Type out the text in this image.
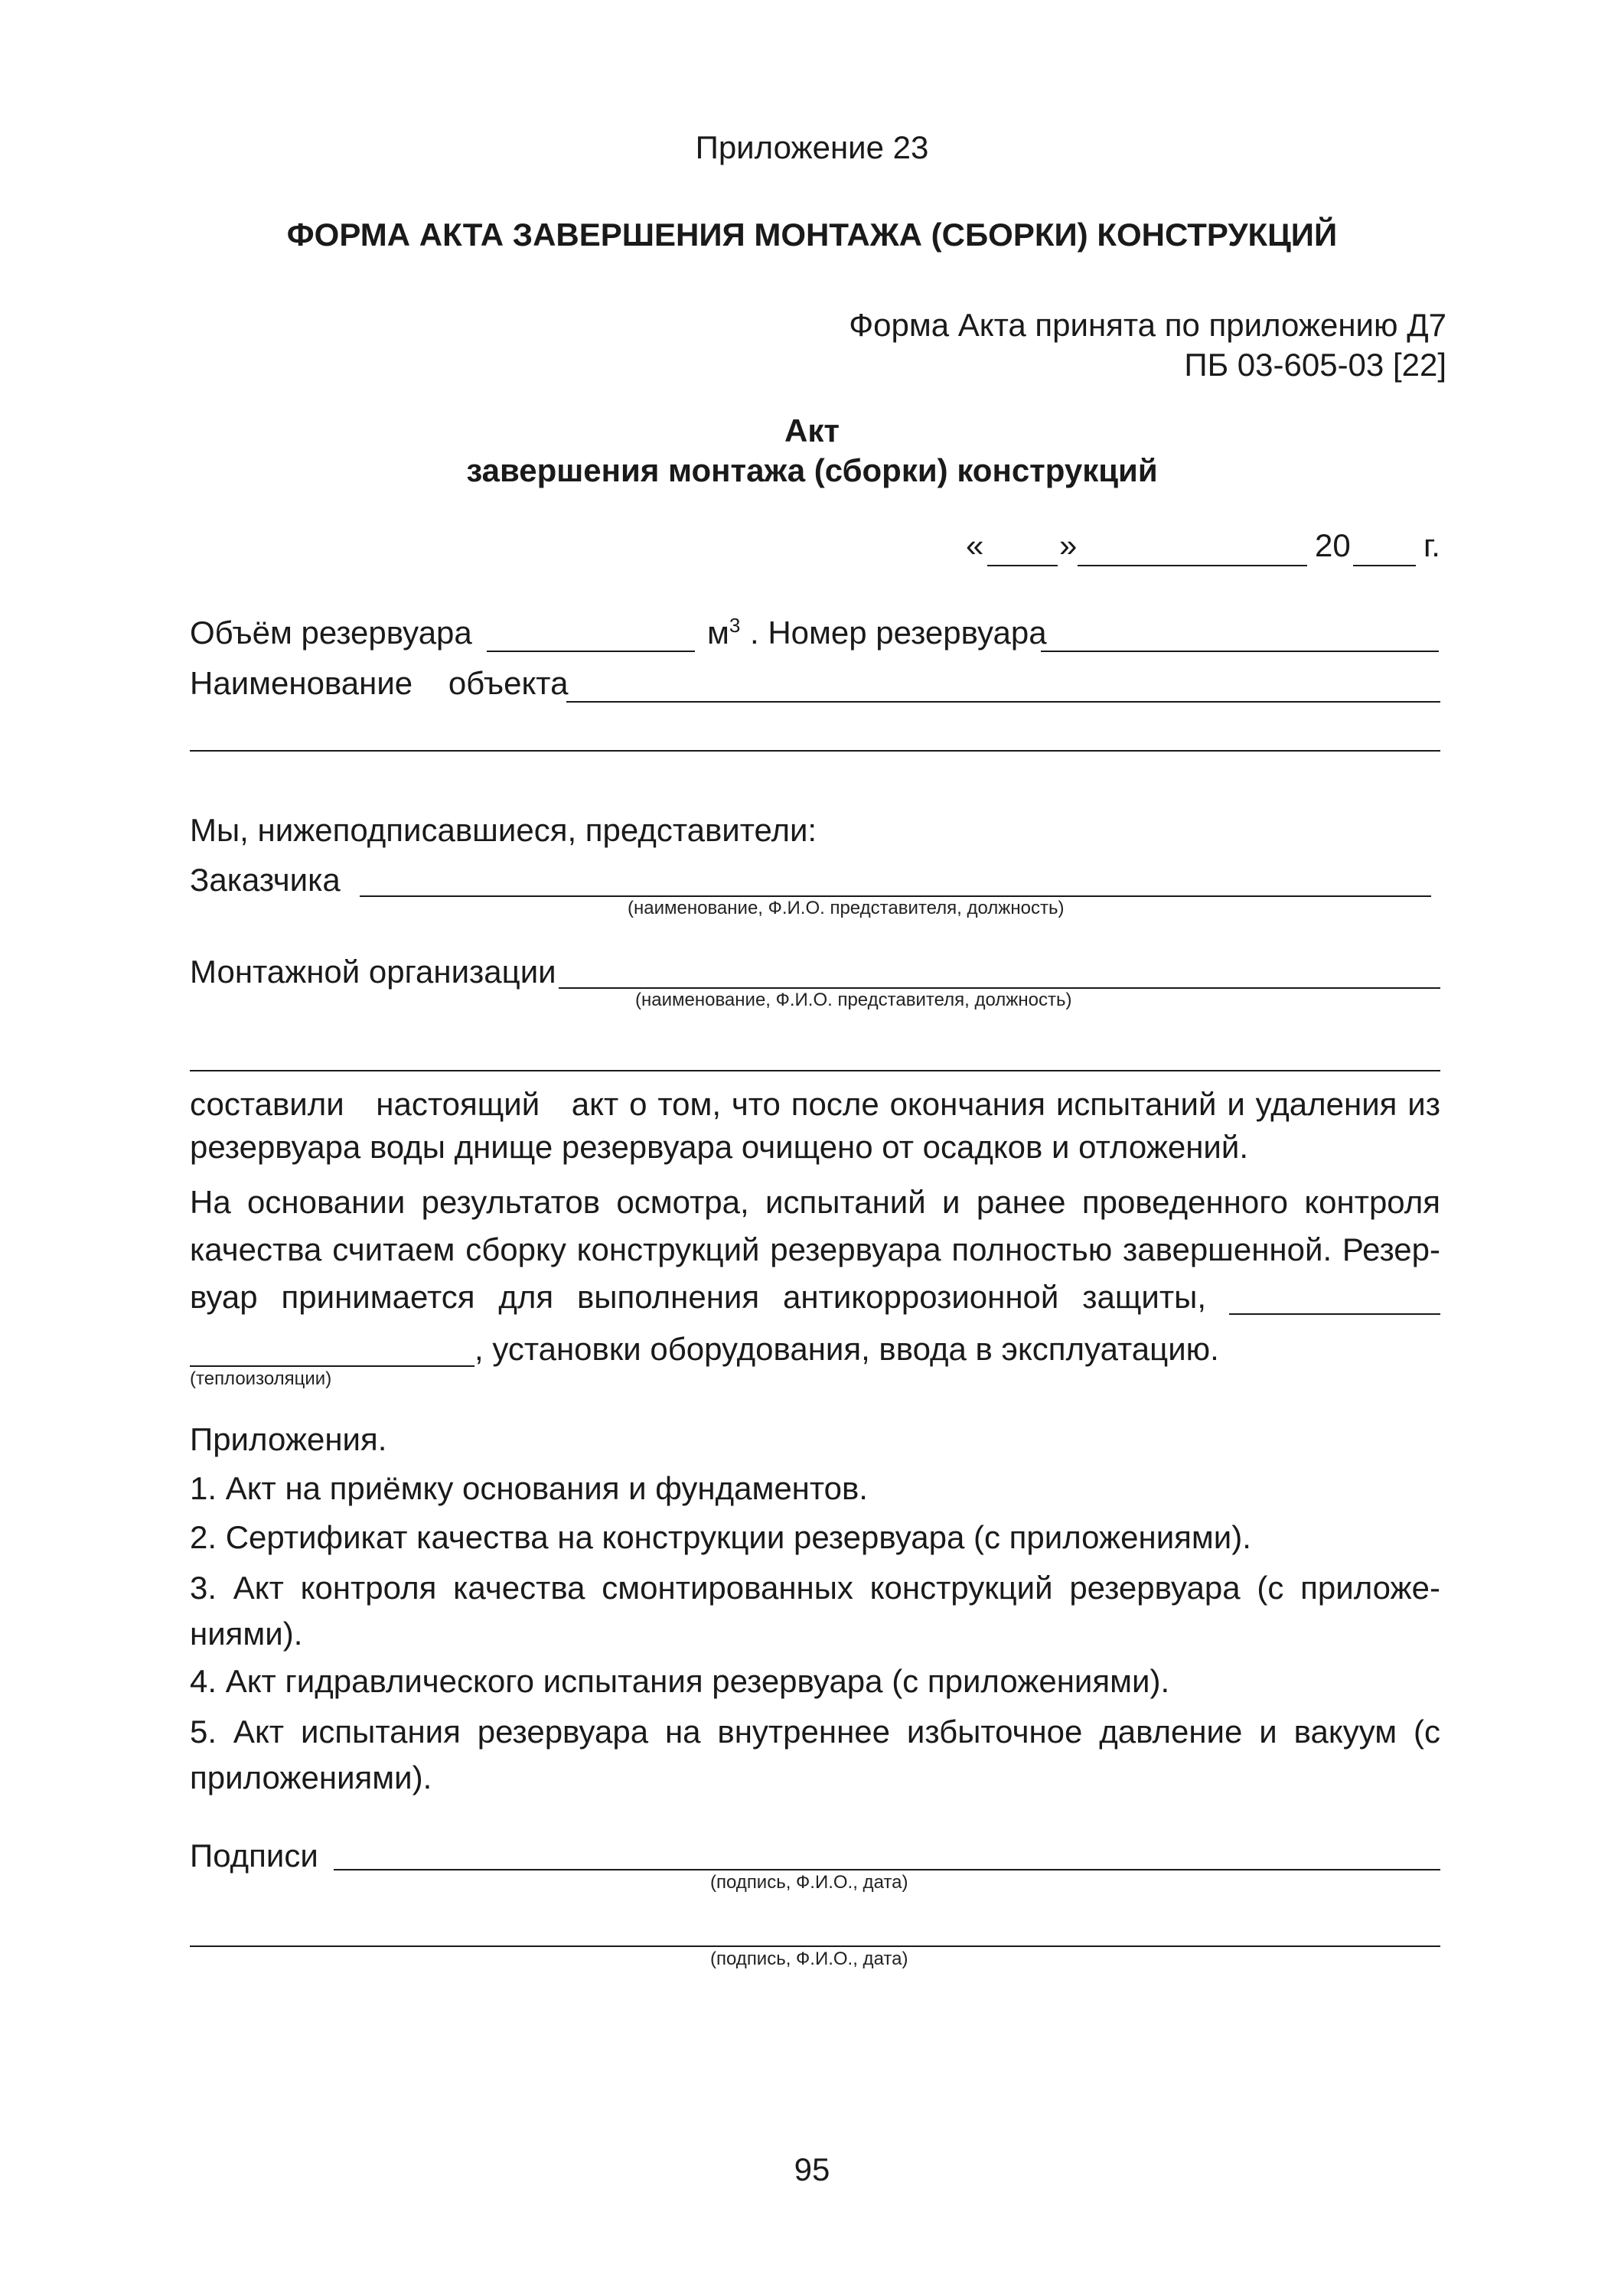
Приложение 23
ФОРМА АКТА ЗАВЕРШЕНИЯ МОНТАЖА (СБОРКИ) КОНСТРУКЦИЙ
Форма Акта принята по приложению Д7
ПБ 03-605-03 [22]
Акт
завершения монтажа (сборки) конструкций
« »	20 г.
Объём резервуара	$м^3$ . Номер резервуара
Наименование    объекта
Мы, нижеподписавшиеся, представители:
Заказчика
(наименование, Ф.И.О. представителя, должность)
Монтажной организации
(наименование, Ф.И.О. представителя, должность)
составили   настоящий   акт о том, что после окончания испытаний и удаления из
резервуара воды днище резервуара очищено от осадков и отложений.
На основании результатов осмотра, испытаний и ранее проведенного контроля
качества считаем сборку конструкций резервуара полностью завершенной. Резер-
вуар  принимается  для  выполнения  антикоррозионной  защиты,
(теплоизоляции)
, установки оборудования, ввода в эксплуатацию.
Приложения.
1. Акт на приёмку основания и фундаментов.
2. Сертификат качества на конструкции резервуара (с приложениями).
3. Акт контроля качества смонтированных конструкций резервуара (с приложе-
ниями).
4. Акт гидравлического испытания резервуара (с приложениями).
5. Акт испытания резервуара на внутреннее избыточное давление и вакуум (с
приложениями).
Подписи
(подпись, Ф.И.О., дата)
(подпись, Ф.И.О., дата)
95
